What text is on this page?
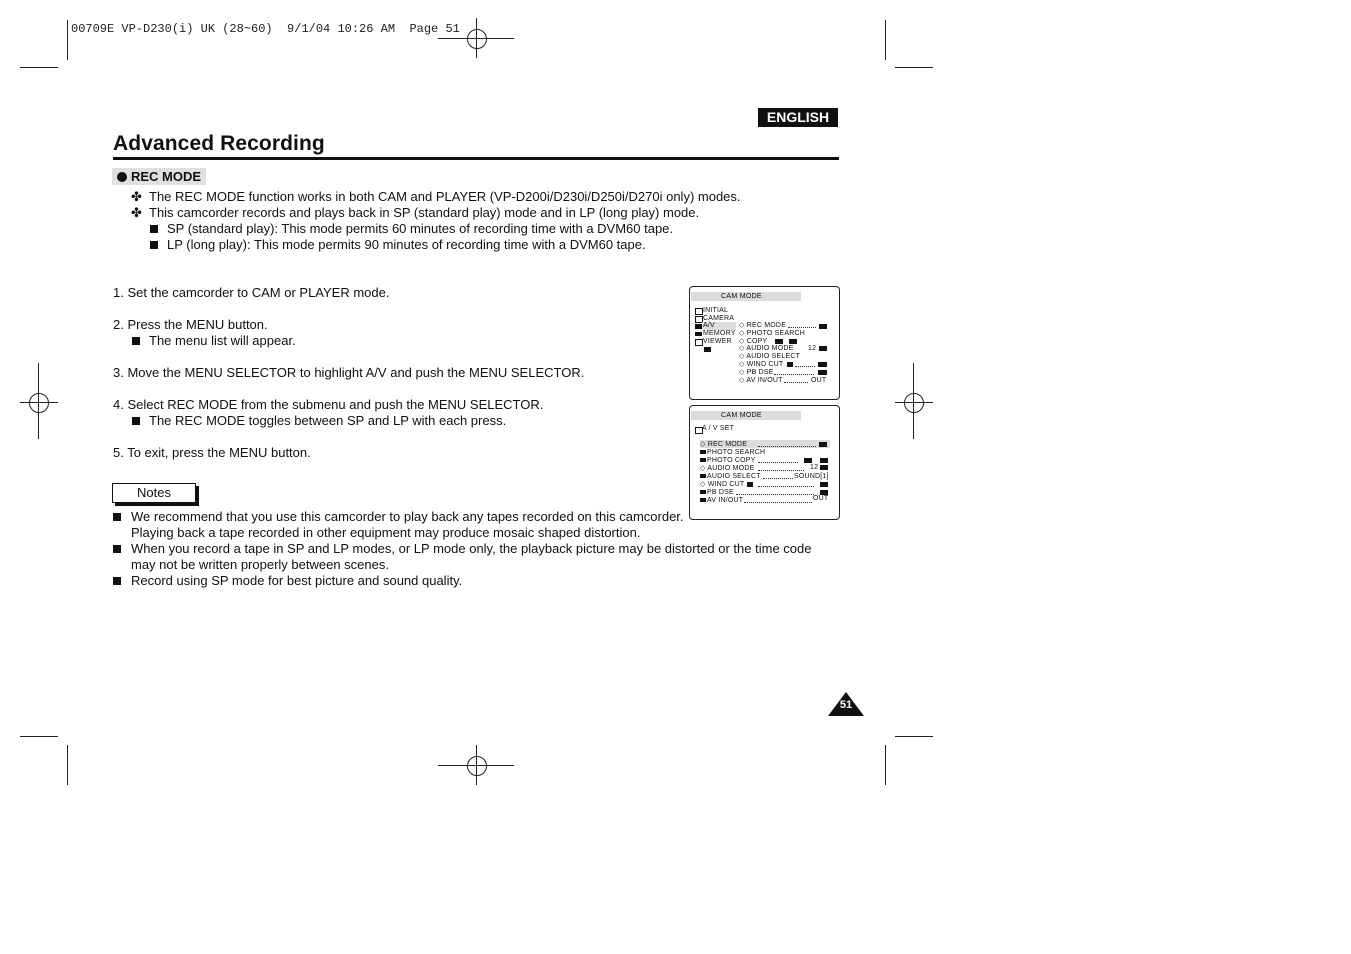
00709E VP-D230(i) UK (28~60)  9/1/04 10:26 AM  Page 51
ENGLISH
Advanced Recording
REC MODE
✤ The REC MODE function works in both CAM and PLAYER (VP-D200i/D230i/D250i/D270i only) modes.
✤ This camcorder records and plays back in SP (standard play) mode and in LP (long play) mode.
SP (standard play): This mode permits 60 minutes of recording time with a DVM60 tape.
LP (long play): This mode permits 90 minutes of recording time with a DVM60 tape.
1. Set the camcorder to CAM or PLAYER mode.
2. Press the MENU button.
The menu list will appear.
3. Move the MENU SELECTOR to highlight A/V and push the MENU SELECTOR.
4. Select REC MODE from the submenu and push the MENU SELECTOR.
The REC MODE toggles between SP and LP with each press.
5. To exit, press the MENU button.
Notes
We recommend that you use this camcorder to play back any tapes recorded on this camcorder.
Playing back a tape recorded in other equipment may produce mosaic shaped distortion.
When you record a tape in SP and LP modes, or LP mode only, the playback picture may be distorted or the time code
may not be written properly between scenes.
Record using SP mode for best picture and sound quality.
CAM MODE
INITIAL
CAMERA
A/V
MEMORY
VIEWER
◇ REC MODE
◇ PHOTO SEARCH
◇ COPY
◇ AUDIO MODE 12
◇ AUDIO SELECT
◇ WIND CUT
◇ PB DSE
◇ AV IN/OUT	OUT
CAM MODE
A / V SET
◇ REC MODE
PHOTO SEARCH
PHOTO COPY
◇ AUDIO MODE	12
AUDIO SELECT	SOUND[1]
◇ WIND CUT
PB DSE
AV IN/OUT	OUT
51
